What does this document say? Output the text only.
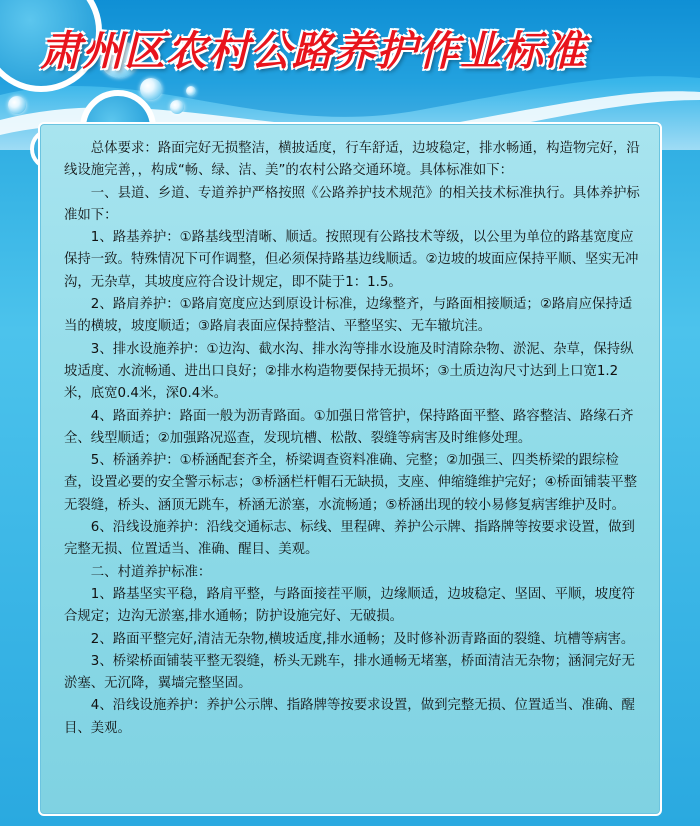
肃州区农村公路养护作业标准

总体要求：路面完好无损整洁，横披适度，行车舒适，边坡稳定，排水畅通，构造物完好，沿线设施完善，，构成“畅、绿、洁、美”的农村公路交通环境。具体标准如下：

一、县道、乡道、专道养护严格按照《公路养护技术规范》的相关技术标准执行。具体养护标准如下：

1、路基养护：①路基线型清晰、顺适。按照现有公路技术等级，以公里为单位的路基宽度应保持一致。特殊情况下可作调整，但必须保持路基边线顺适。②边坡的坡面应保持平顺、坚实无冲沟，无杂草，其坡度应符合设计规定，即不陡于1：1.5。

2、路肩养护：①路肩宽度应达到原设计标准，边缘整齐，与路面相接顺适；②路肩应保持适当的横坡，坡度顺适；③路肩表面应保持整洁、平整坚实、无车辙坑洼。

3、排水设施养护：①边沟、截水沟、排水沟等排水设施及时清除杂物、淤泥、杂草，保持纵坡适度、水流畅通、进出口良好；②排水构造物要保持无损坏；③土质边沟尺寸达到上口宽1.2米，底宽0.4米，深0.4米。

4、路面养护：路面一般为沥青路面。①加强日常管护，保持路面平整、路容整洁、路缘石齐全、线型顺适；②加强路况巡查，发现坑槽、松散、裂缝等病害及时维修处理。

5、桥涵养护：①桥涵配套齐全，桥梁调查资料准确、完整；②加强三、四类桥梁的跟综检查，设置必要的安全警示标志；③桥涵栏杆帽石无缺损，支座、伸缩缝维护完好；④桥面铺装平整无裂缝，桥头、涵顶无跳车，桥涵无淤塞，水流畅通；⑤桥涵出现的较小易修复病害维护及时。

6、沿线设施养护：沿线交通标志、标线、里程碑、养护公示牌、指路牌等按要求设置，做到完整无损、位置适当、准确、醒目、美观。

二、村道养护标准：

1、路基坚实平稳，路肩平整，与路面接茬平顺，边缘顺适，边坡稳定、坚固、平顺，坡度符合规定；边沟无淤塞,排水通畅；防护设施完好、无破损。

2、路面平整完好,清洁无杂物,横坡适度,排水通畅；及时修补沥青路面的裂缝、坑槽等病害。

3、桥梁桥面铺装平整无裂缝，桥头无跳车，排水通畅无堵塞，桥面清洁无杂物；涵洞完好无淤塞、无沉降，翼墙完整坚固。

4、沿线设施养护：养护公示牌、指路牌等按要求设置，做到完整无损、位置适当、准确、醒目、美观。
